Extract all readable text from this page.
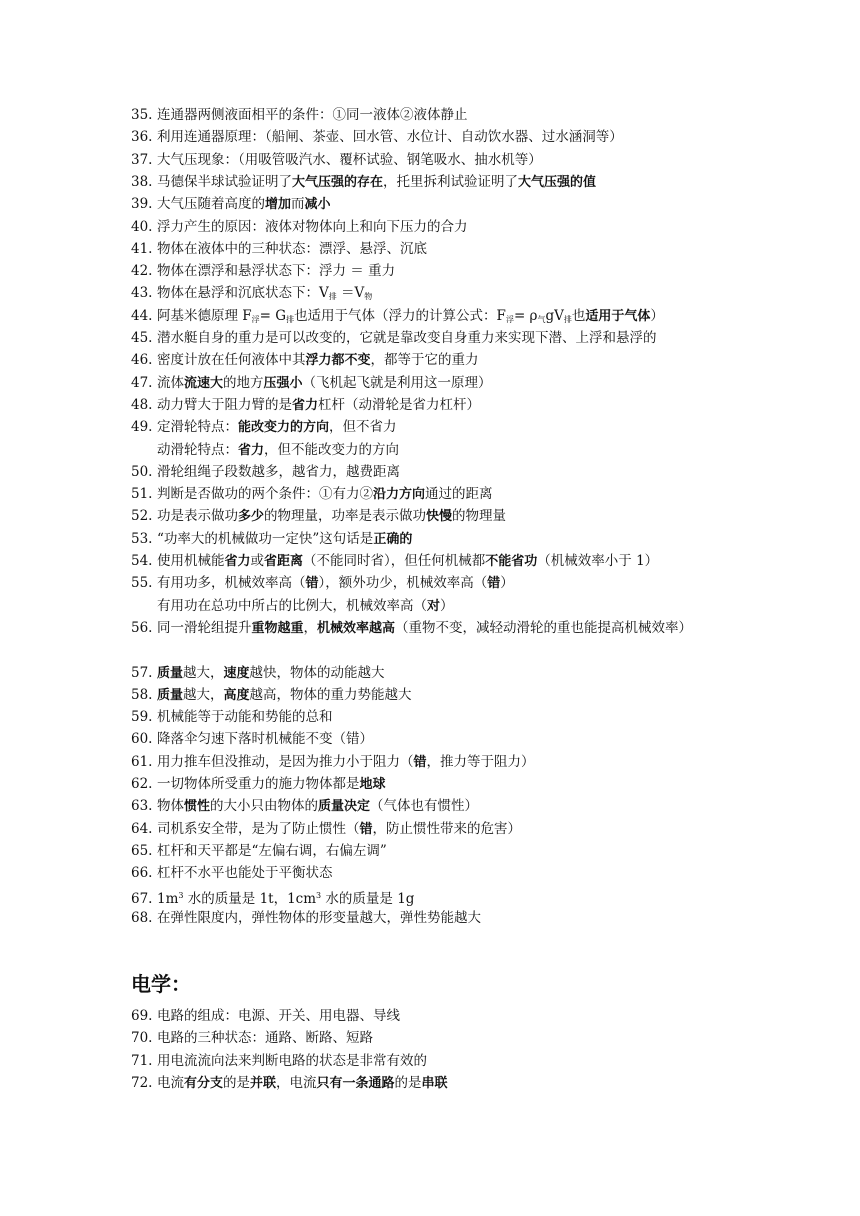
35. 连通器两侧液面相平的条件：①同一液体②液体静止
36. 利用连通器原理：（船闸、茶壶、回水管、水位计、自动饮水器、过水涵洞等）
37. 大气压现象：（用吸管吸汽水、覆杯试验、钢笔吸水、抽水机等）
38. 马德保半球试验证明了大气压强的存在，托里拆利试验证明了大气压强的值
39. 大气压随着高度的增加而减小
40. 浮力产生的原因：液体对物体向上和向下压力的合力
41. 物体在液体中的三种状态：漂浮、悬浮、沉底
42. 物体在漂浮和悬浮状态下：浮力 ＝ 重力
43. 物体在悬浮和沉底状态下：$V_排 =V_物$
44. 阿基米德原理 $F_浮= G_排$也适用于气体（浮力的计算公式：$F_浮= \rho_气gV_排$也适用于气体）
45. 潜水艇自身的重力是可以改变的，它就是靠改变自身重力来实现下潜、上浮和悬浮的
46. 密度计放在任何液体中其浮力都不变，都等于它的重力
47. 流体流速大的地方压强小（飞机起飞就是利用这一原理）
48. 动力臂大于阻力臂的是省力杠杆（动滑轮是省力杠杆）
49. 定滑轮特点：能改变力的方向，但不省力
动滑轮特点：省力，但不能改变力的方向
50. 滑轮组绳子段数越多，越省力，越费距离
51. 判断是否做功的两个条件：①有力②沿力方向通过的距离
52. 功是表示做功多少的物理量，功率是表示做功快慢的物理量
53. “功率大的机械做功一定快”这句话是正确的
54. 使用机械能省力或省距离（不能同时省），但任何机械都不能省功（机械效率小于 1）
55. 有用功多，机械效率高（错），额外功少，机械效率高（错）
有用功在总功中所占的比例大，机械效率高（对）
56. 同一滑轮组提升重物越重，机械效率越高（重物不变，减轻动滑轮的重也能提高机械效率）
57. 质量越大，速度越快，物体的动能越大
58. 质量越大，高度越高，物体的重力势能越大
59. 机械能等于动能和势能的总和
60. 降落伞匀速下落时机械能不变（错）
61. 用力推车但没推动，是因为推力小于阻力（错，推力等于阻力）
62. 一切物体所受重力的施力物体都是地球
63. 物体惯性的大小只由物体的质量决定（气体也有惯性）
64. 司机系安全带，是为了防止惯性（错，防止惯性带来的危害）
65. 杠杆和天平都是“左偏右调，右偏左调”
66. 杠杆不水平也能处于平衡状态
67. $1m^3$ 水的质量是 1t，$1cm^3$ 水的质量是 1g
68. 在弹性限度内，弹性物体的形变量越大，弹性势能越大
电学：
69. 电路的组成：电源、开关、用电器、导线
70. 电路的三种状态：通路、断路、短路
71. 用电流流向法来判断电路的状态是非常有效的
72. 电流有分支的是并联，电流只有一条通路的是串联
